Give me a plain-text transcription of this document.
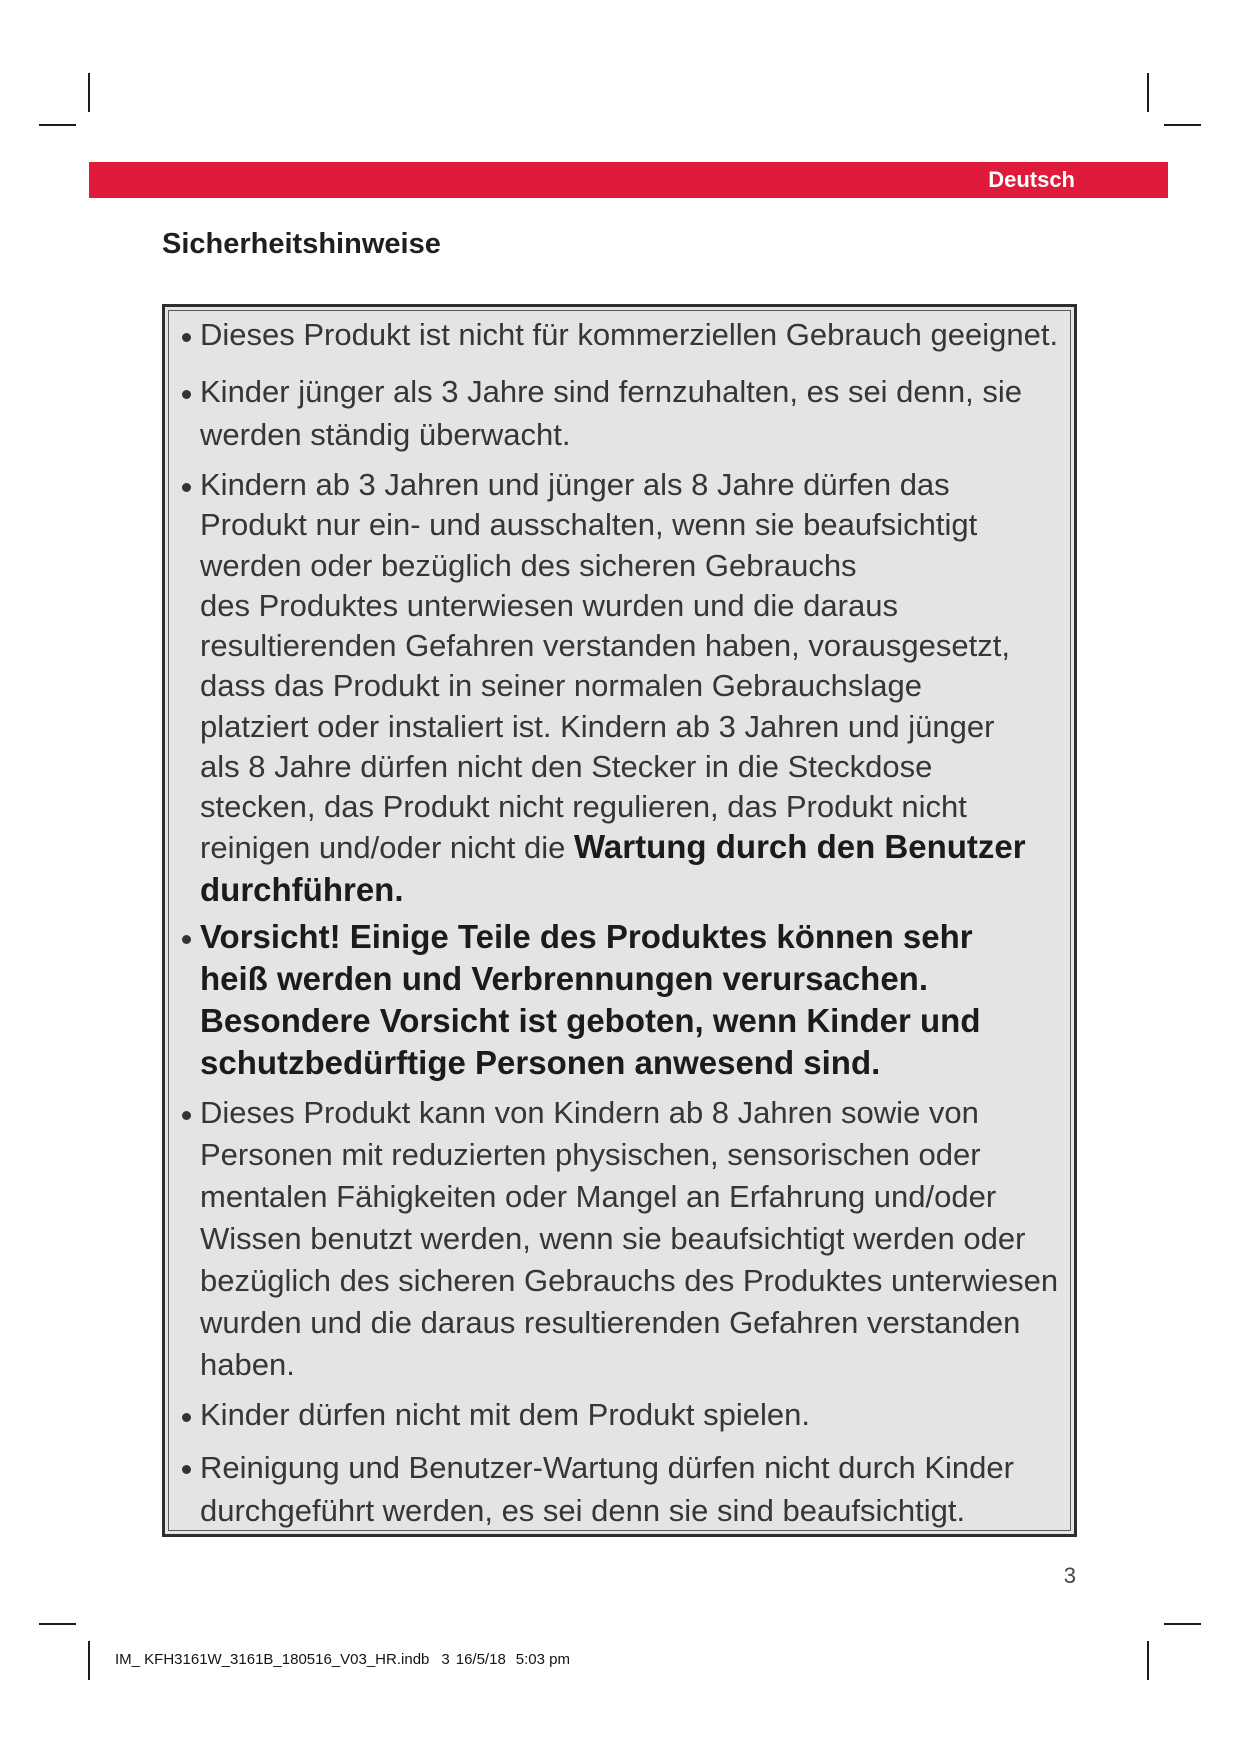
Deutsch
Sicherheitshinweise
Dieses Produkt ist nicht für kommerziellen Gebrauch geeignet.
Kinder jünger als 3 Jahre sind fernzuhalten, es sei denn, sie
werden ständig überwacht.
Kindern ab 3 Jahren und jünger als 8 Jahre dürfen das
Produkt nur ein- und ausschalten, wenn sie beaufsichtigt
werden oder bezüglich des sicheren Gebrauchs
des Produktes unterwiesen wurden und die daraus
resultierenden Gefahren verstanden haben, vorausgesetzt,
dass das Produkt in seiner normalen Gebrauchslage
platziert oder instaliert ist. Kindern ab 3 Jahren und jünger
als 8 Jahre dürfen nicht den Stecker in die Steckdose
stecken, das Produkt nicht regulieren, das Produkt nicht
reinigen und/oder nicht die Wartung durch den Benutzer
durchführen.
Vorsicht! Einige Teile des Produktes können sehr
heiß werden und Verbrennungen verursachen.
Besondere Vorsicht ist geboten, wenn Kinder und
schutzbedürftige Personen anwesend sind.
Dieses Produkt kann von Kindern ab 8 Jahren sowie von
Personen mit reduzierten physischen, sensorischen oder
mentalen Fähigkeiten oder Mangel an Erfahrung und/oder
Wissen benutzt werden, wenn sie beaufsichtigt werden oder
bezüglich des sicheren Gebrauchs des Produktes unterwiesen
wurden und die daraus resultierenden Gefahren verstanden
haben.
Kinder dürfen nicht mit dem Produkt spielen.
Reinigung und Benutzer-Wartung dürfen nicht durch Kinder
durchgeführt werden, es sei denn sie sind beaufsichtigt.
3
IM_ KFH3161W_3161B_180516_V03_HR.indb 3 16/5/18 5:03 pm
